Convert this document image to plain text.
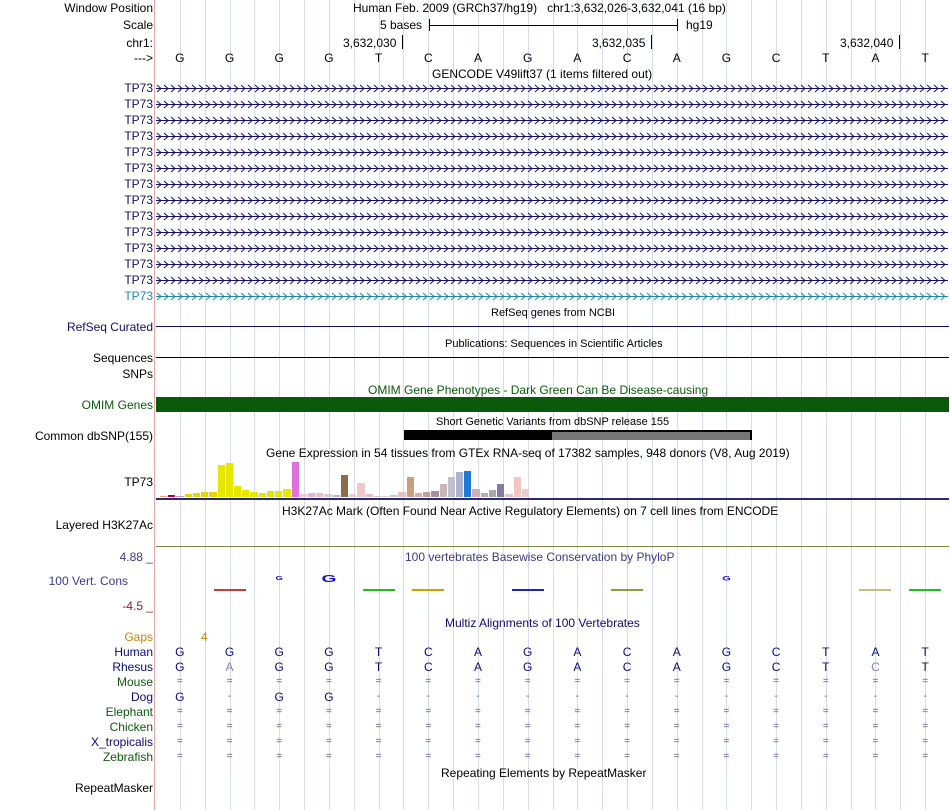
Window Position	Human Feb. 2009 (GRCh37/hg19)   chr1:3,632,026-3,632,041 (16 bp)
Scale	5 bases	hg19
chr1:	3,632,030	3,632,035	3,632,040
--->
GENCODE V49lift37 (1 items filtered out)
RefSeq genes from NCBI
RefSeq Curated
Publications: Sequences in Scientific Articles
Sequences
SNPs
OMIM Gene Phenotypes - Dark Green Can Be Disease-causing
OMIM Genes
Short Genetic Variants from dbSNP release 155
Common dbSNP(155)
Gene Expression in 54 tissues from GTEx RNA-seq of 17382 samples, 948 donors (V8, Aug 2019)
TP73
H3K27Ac Mark (Often Found Near Active Regulatory Elements) on 7 cell lines from ENCODE
Layered H3K27Ac
100 vertebrates Basewise Conservation by PhyloP
4.88 _
100 Vert. Cons
-4.5 _
Multiz Alignments of 100 Vertebrates
Gaps	4
Repeating Elements by RepeatMasker
RepeatMasker
G	G	G	G	T	C	A	G	A	C	A	G	C	T	A	T
TP73
TP73
TP73
TP73
TP73
TP73
TP73
TP73
TP73
TP73
TP73
TP73
TP73
TP73
G
G	G
Human G	G	G	G	T	C	A	G	A	C	A	G	C	T	A	T
Rhesus G	A	G	G	T	C	A	G	A	C	A	G	C	T	C	T
Mouse	=	=	=	=	=	=	=	=	=	=	=	=	=	=	=	=
Dog G	-	G	G	-	-	-	-	-	-	-	-	-	-	-	-
Elephant	=	=	=	=	=	=	=	=	=	=	=	=	=	=	=	=
Chicken	=	=	=	=	=	=	=	=	=	=	=	=	=	=	=	=
X_tropicalis	=	=	=	=	=	=	=	=	=	=	=	=	=	=	=	=
Zebrafish	=	=	=	=	=	=	=	=	=	=	=	=	=	=	=	=
